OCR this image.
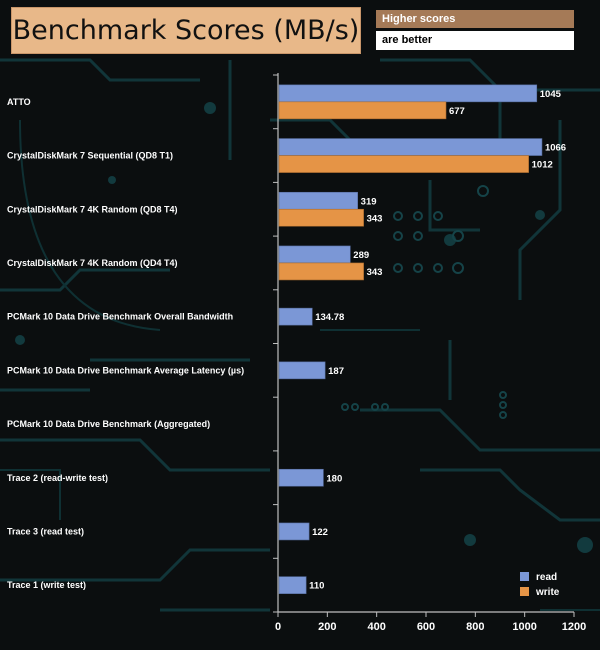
Benchmark Scores (MB/s)	Higher scores
are better
0	200	400	600	800	1000 1200
ATTO
1045
677
CrystalDiskMark 7 Sequential (QD8 T1)
1066
1012
CrystalDiskMark 7 4K Random (QD8 T4)
319
343
CrystalDiskMark 7 4K Random (QD4 T4)
289
343
PCMark 10 Data Drive Benchmark Overall Bandwidth	134.78
PCMark 10 Data Drive Benchmark Average Latency (µs)	187
PCMark 10 Data Drive Benchmark (Aggregated)
Trace 2 (read-write test)	180
Trace 3 (read test)	122
Trace 1 (write test)	110
read
write
